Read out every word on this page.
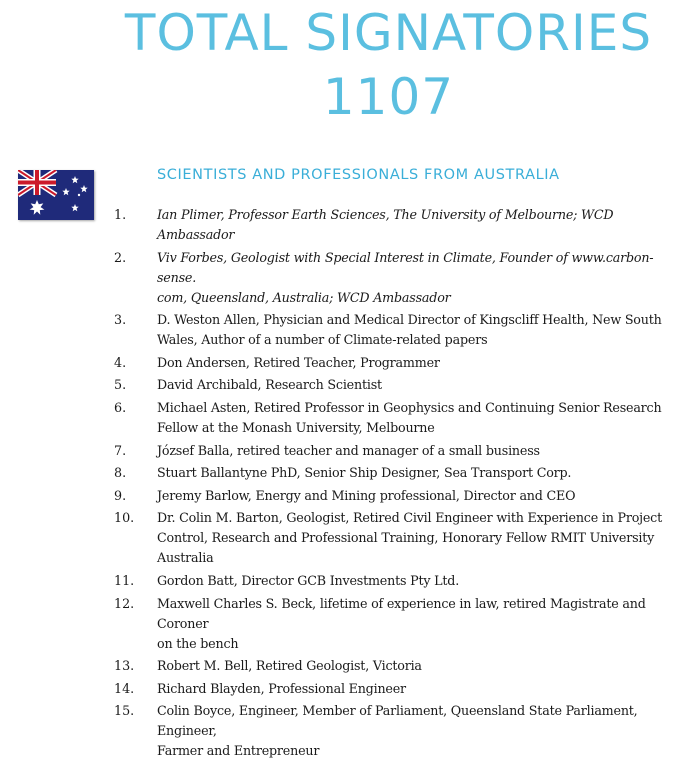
TOTAL SIGNATORIES
1107
SCIENTISTS AND PROFESSIONALS FROM AUSTRALIA
1.	Ian Plimer, Professor Earth Sciences, The University of Melbourne; WCD Ambassador
2.	Viv Forbes, Geologist with Special Interest in Climate, Founder of www.carbon-sense.
com, Queensland, Australia; WCD Ambassador
3.	D. Weston Allen, Physician and Medical Director of Kingscliff Health, New South
Wales, Author of a number of Climate-related papers
4.	Don Andersen, Retired Teacher, Programmer
5.	David Archibald, Research Scientist
6.	Michael Asten, Retired Professor in Geophysics and Continuing Senior Research
Fellow at the Monash University, Melbourne
7.	József Balla, retired teacher and manager of a small business
8.	Stuart Ballantyne PhD, Senior Ship Designer, Sea Transport Corp.
9.	Jeremy Barlow, Energy and Mining professional, Director and CEO
10.	Dr. Colin M. Barton, Geologist, Retired Civil Engineer with Experience in Project
Control, Research and Professional Training, Honorary Fellow RMIT University
Australia
11.	Gordon Batt, Director GCB Investments Pty Ltd.
12.	Maxwell Charles S. Beck, lifetime of experience in law, retired Magistrate and Coroner
on the bench
13.	Robert M. Bell, Retired Geologist, Victoria
14.	Richard Blayden, Professional Engineer
15.	Colin Boyce, Engineer, Member of Parliament, Queensland State Parliament, Engineer,
Farmer and Entrepreneur
